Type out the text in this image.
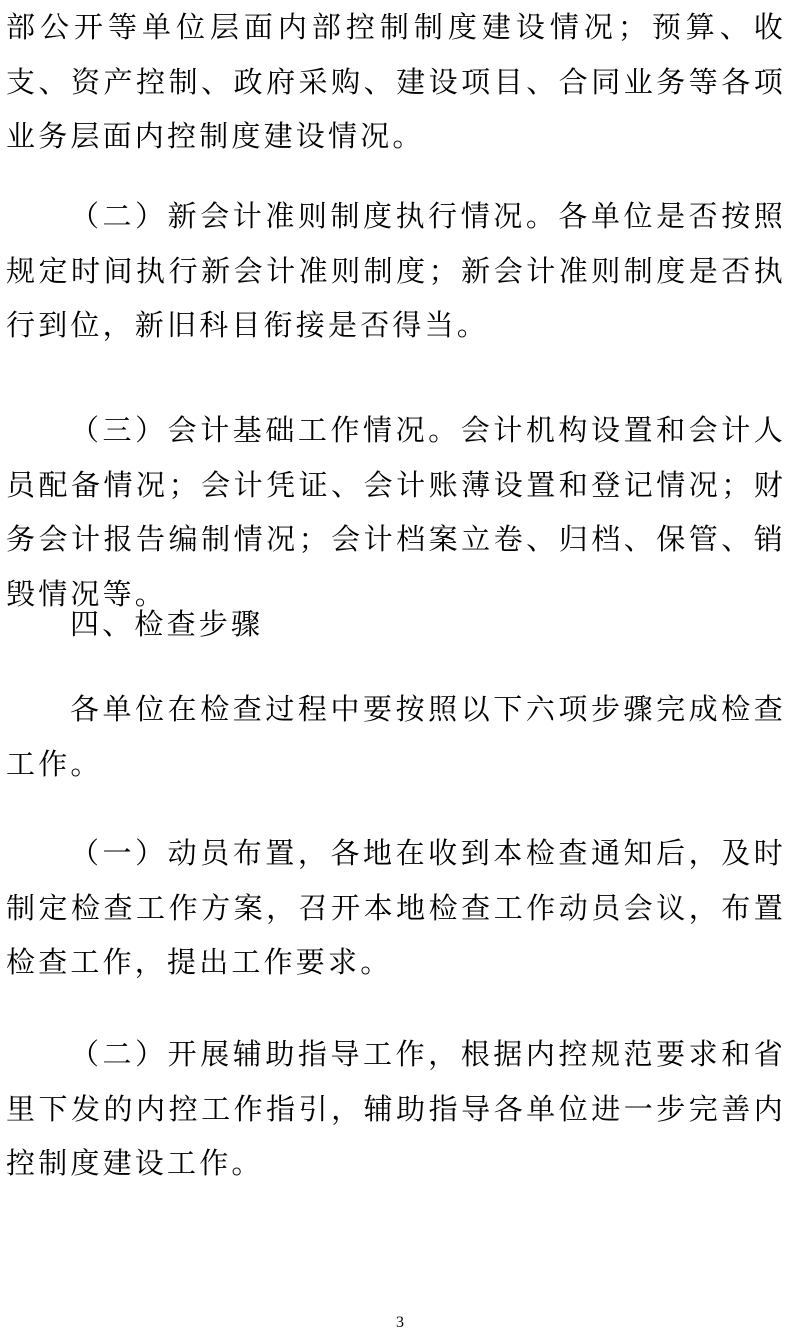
部公开等单位层面内部控制制度建设情况；预算、收支、资产控制、政府采购、建设项目、合同业务等各项业务层面内控制度建设情况。

（二）新会计准则制度执行情况。各单位是否按照规定时间执行新会计准则制度；新会计准则制度是否执行到位，新旧科目衔接是否得当。

（三）会计基础工作情况。会计机构设置和会计人员配备情况；会计凭证、会计账薄设置和登记情况；财务会计报告编制情况；会计档案立卷、归档、保管、销毁情况等。

四、检查步骤

各单位在检查过程中要按照以下六项步骤完成检查工作。

（一）动员布置，各地在收到本检查通知后，及时制定检查工作方案，召开本地检查工作动员会议，布置检查工作，提出工作要求。

（二）开展辅助指导工作，根据内控规范要求和省里下发的内控工作指引，辅助指导各单位进一步完善内控制度建设工作。

3
